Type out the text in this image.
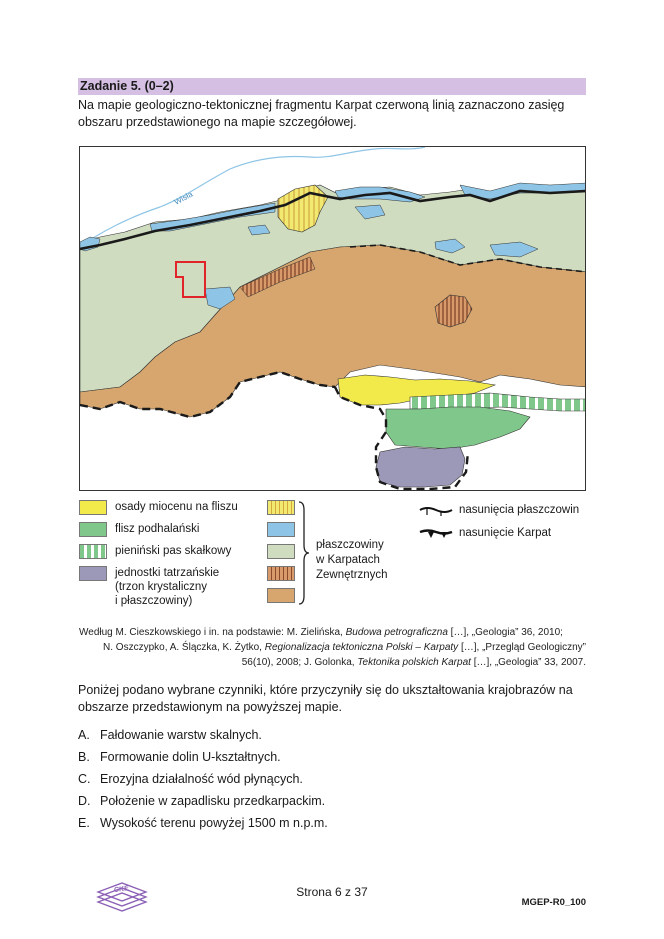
Zadanie 5. (0–2)
Na mapie geologiczno-tektonicznej fragmentu Karpat czerwoną linią zaznaczono zasięg
obszaru przedstawionego na mapie szczegółowej.
Wisła
osady miocenu na fliszu
flisz podhalański
pieniński pas skałkowy
jednostki tatrzańskie
(trzon krystaliczny
i płaszczowiny)
płaszczowiny
w Karpatach
Zewnętrznych
nasunięcia płaszczowin
nasunięcie Karpat
Według M. Cieszkowskiego i in. na podstawie: M. Zielińska, Budowa petrograficzna […], „Geologia” 36, 2010;
N. Oszczypko, A. Ślączka, K. Żytko, Regionalizacja tektoniczna Polski – Karpaty […], „Przegląd Geologiczny”
56(10), 2008; J. Golonka, Tektonika polskich Karpat […], „Geologia” 33, 2007.
Poniżej podano wybrane czynniki, które przyczyniły się do ukształtowania krajobrazów na
obszarze przedstawionym na powyższej mapie.
A. Fałdowanie warstw skalnych.
B. Formowanie dolin U-kształtnych.
C. Erozyjna działalność wód płynących.
D. Położenie w zapadlisku przedkarpackim.
E. Wysokość terenu powyżej 1500 m n.p.m.
CKE	Strona 6 z 37
MGEP-R0_100
